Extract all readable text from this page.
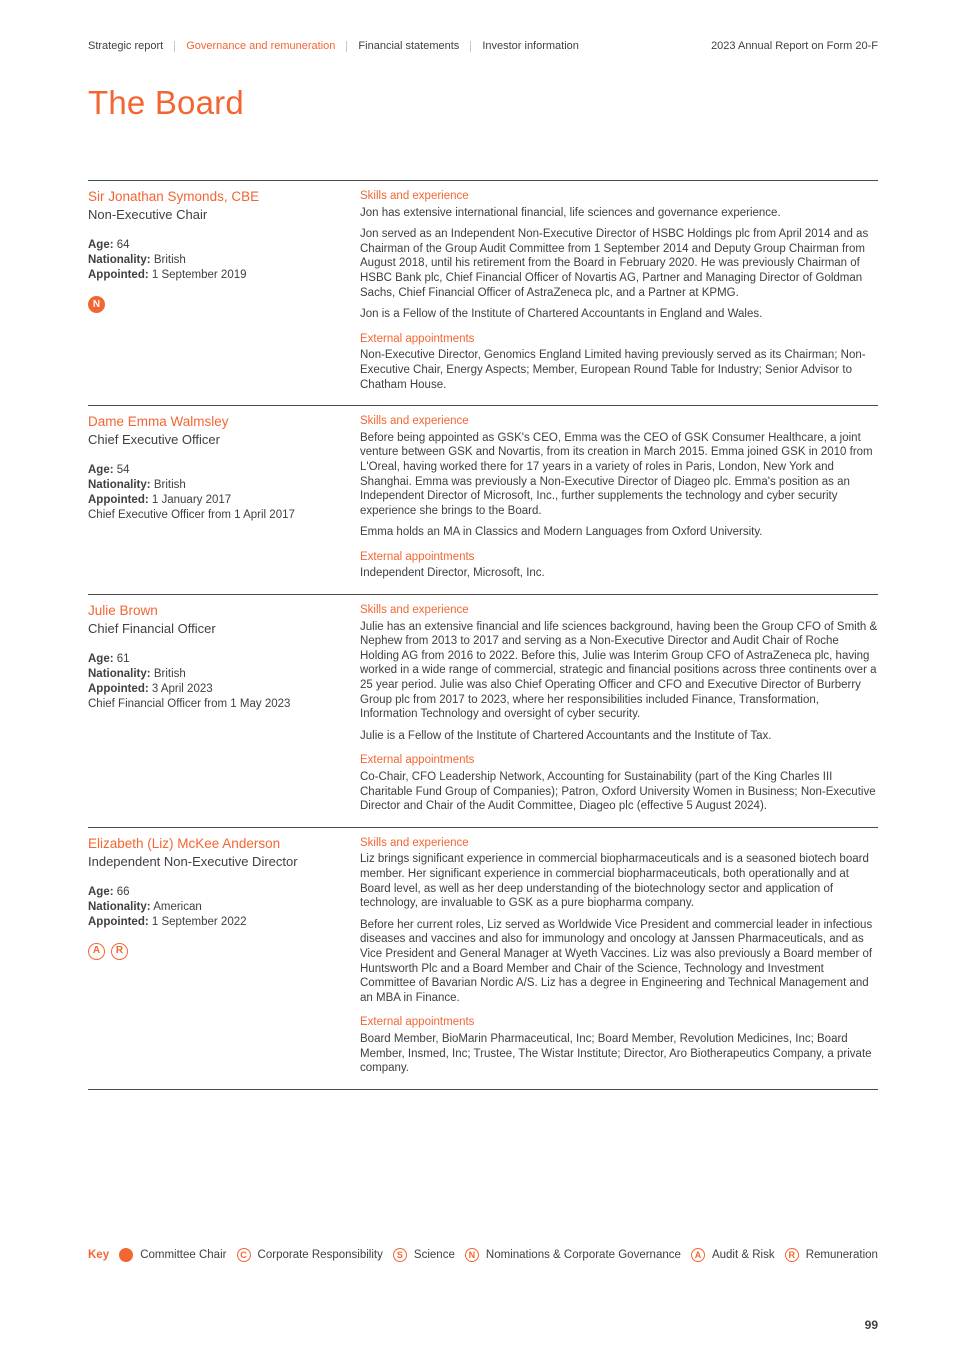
Strategic report Governance and remuneration Financial statements Investor information	2023 Annual Report on Form 20-F
The Board
Sir Jonathan Symonds, CBE
Non-Executive Chair
Age: 64
Nationality: British
Appointed: 1 September 2019
N
Skills and experience

Jon has extensive international financial, life sciences and governance experience.

Jon served as an Independent Non-Executive Director of HSBC Holdings plc from April 2014 and as Chairman of the Group Audit Committee from 1 September 2014 and Deputy Group Chairman from August 2018, until his retirement from the Board in February 2020. He was previously Chairman of HSBC Bank plc, Chief Financial Officer of Novartis AG, Partner and Managing Director of Goldman Sachs, Chief Financial Officer of AstraZeneca plc, and a Partner at KPMG.

Jon is a Fellow of the Institute of Chartered Accountants in England and Wales.

External appointments

Non-Executive Director, Genomics England Limited having previously served as its Chairman; Non-Executive Chair, Energy Aspects; Member, European Round Table for Industry; Senior Advisor to Chatham House.

Dame Emma Walmsley
Chief Executive Officer
Age: 54
Nationality: British
Appointed: 1 January 2017
Chief Executive Officer from 1 April 2017
Skills and experience

Before being appointed as GSK's CEO, Emma was the CEO of GSK Consumer Healthcare, a joint venture between GSK and Novartis, from its creation in March 2015. Emma joined GSK in 2010 from L'Oreal, having worked there for 17 years in a variety of roles in Paris, London, New York and Shanghai. Emma was previously a Non-Executive Director of Diageo plc. Emma's position as an Independent Director of Microsoft, Inc., further supplements the technology and cyber security experience she brings to the Board.

Emma holds an MA in Classics and Modern Languages from Oxford University.

External appointments

Independent Director, Microsoft, Inc.

Julie Brown
Chief Financial Officer
Age: 61
Nationality: British
Appointed: 3 April 2023
Chief Financial Officer from 1 May 2023
Skills and experience

Julie has an extensive financial and life sciences background, having been the Group CFO of Smith & Nephew from 2013 to 2017 and serving as a Non-Executive Director and Audit Chair of Roche Holding AG from 2016 to 2022. Before this, Julie was Interim Group CFO of AstraZeneca plc, having worked in a wide range of commercial, strategic and financial positions across three continents over a 25 year period. Julie was also Chief Operating Officer and CFO and Executive Director of Burberry Group plc from 2017 to 2023, where her responsibilities included Finance, Transformation, Information Technology and oversight of cyber security.

Julie is a Fellow of the Institute of Chartered Accountants and the Institute of Tax.

External appointments

Co-Chair, CFO Leadership Network, Accounting for Sustainability (part of the King Charles III Charitable Fund Group of Companies); Patron, Oxford University Women in Business; Non-Executive Director and Chair of the Audit Committee, Diageo plc (effective 5 August 2024).

Elizabeth (Liz) McKee Anderson
Independent Non-Executive Director
Age: 66
Nationality: American
Appointed: 1 September 2022
A	R
Skills and experience

Liz brings significant experience in commercial biopharmaceuticals and is a seasoned biotech board member. Her significant experience in commercial biopharmaceuticals, both operationally and at Board level, as well as her deep understanding of the biotechnology sector and application of technology, are invaluable to GSK as a pure biopharma company.

Before her current roles, Liz served as Worldwide Vice President and commercial leader in infectious diseases and vaccines and also for immunology and oncology at Janssen Pharmaceuticals, and as Vice President and General Manager at Wyeth Vaccines. Liz was also previously a Board member of Huntsworth Plc and a Board Member and Chair of the Science, Technology and Investment Committee of Bavarian Nordic A/S. Liz has a degree in Engineering and Technical Management and an MBA in Finance.

External appointments

Board Member, BioMarin Pharmaceutical, Inc; Board Member, Revolution Medicines, Inc; Board Member, Insmed, Inc; Trustee, The Wistar Institute; Director, Aro Biotherapeutics Company, a private company.

Key	Committee Chair	C Corporate Responsibility	S Science	N Nominations & Corporate Governance	A Audit & Risk	R Remuneration
99
